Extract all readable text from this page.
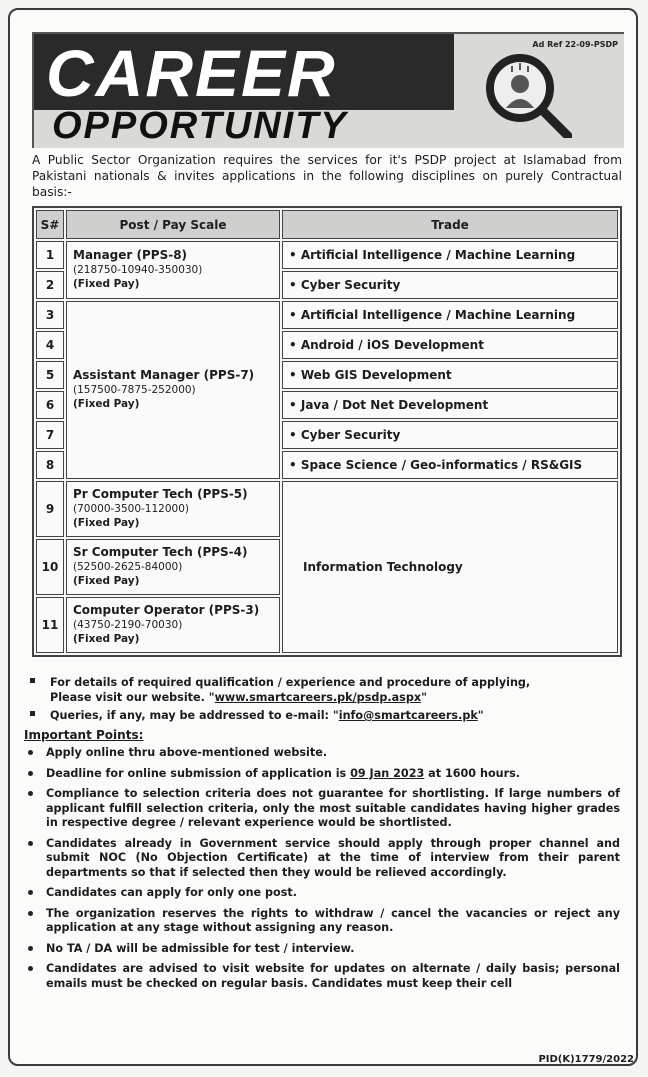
CAREER
OPPORTUNITY
Ad Ref 22-09-PSDP
A Public Sector Organization requires the services for it's PSDP project at Islamabad from Pakistani nationals & invites applications in the following disciplines on purely Contractual basis:-
S#	Post / Pay Scale	Trade
1	Manager (PPS-8)
(218750-10940-350030)
(Fixed Pay)	• Artificial Intelligence / Machine Learning
2		• Cyber Security
3	Assistant Manager (PPS-7)
(157500-7875-252000)
(Fixed Pay)	• Artificial Intelligence / Machine Learning
4		• Android / iOS Development
5		• Web GIS Development
6		• Java / Dot Net Development
7		• Cyber Security
8		• Space Science / Geo-informatics / RS&GIS
9	Pr Computer Tech (PPS-5)
(70000-3500-112000)
(Fixed Pay)	Information Technology

10	Sr Computer Tech (PPS-4)
(52500-2625-84000)
(Fixed Pay)	

11	Computer Operator (PPS-3)
(43750-2190-70030)
(Fixed Pay)	
For details of required qualification / experience and procedure of applying,
Please visit our website. "www.smartcareers.pk/psdp.aspx"
Queries, if any, may be addressed to e-mail: "info@smartcareers.pk"
Important Points:
Apply online thru above-mentioned website.
Deadline for online submission of application is 09 Jan 2023 at 1600 hours.
Compliance to selection criteria does not guarantee for shortlisting. If large numbers of applicant fulfill selection criteria, only the most suitable candidates having higher grades in respective degree / relevant experience would be shortlisted.
Candidates already in Government service should apply through proper channel and submit NOC (No Objection Certificate) at the time of interview from their parent departments so that if selected then they would be relieved accordingly.
Candidates can apply for only one post.
The organization reserves the rights to withdraw / cancel the vacancies or reject any application at any stage without assigning any reason.
No TA / DA will be admissible for test / interview.
Candidates are advised to visit website for updates on alternate / daily basis; personal emails must be checked on regular basis. Candidates must keep their cell
PID(K)1779/2022
